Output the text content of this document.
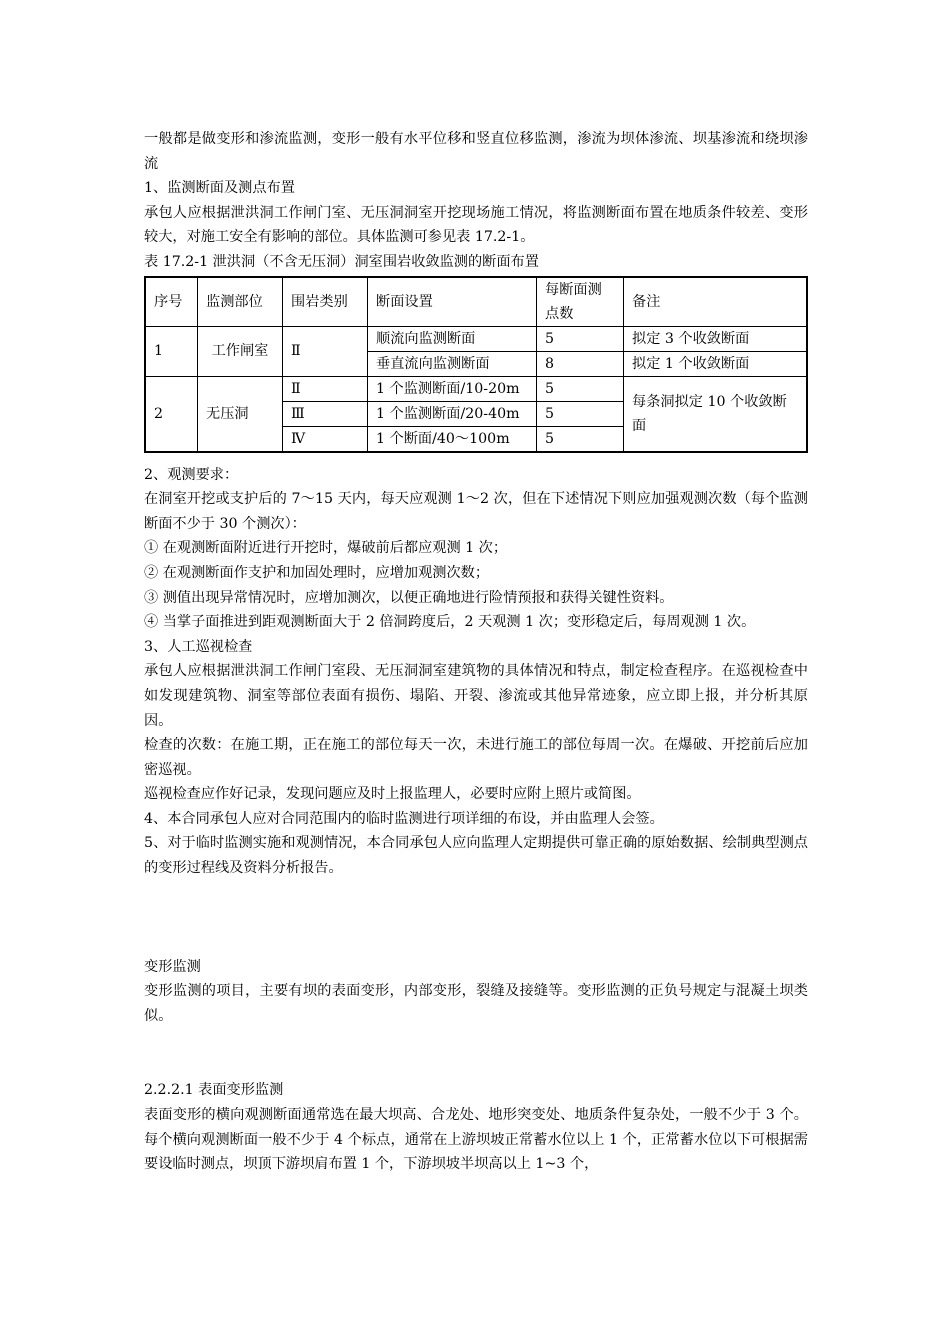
一般都是做变形和渗流监测，变形一般有水平位移和竖直位移监测，渗流为坝体渗流、坝基渗流和绕坝渗流

1、监测断面及测点布置

承包人应根据泄洪洞工作闸门室、无压洞洞室开挖现场施工情况，将监测断面布置在地质条件较差、变形较大，对施工安全有影响的部位。具体监测可参见表 17.2-1。

表 17.2-1 泄洪洞（不含无压洞）洞室围岩收敛监测的断面布置

序号	监测部位	围岩类别	断面设置	每断面测点数	备注
1	工作闸室	Ⅱ	顺流向监测断面	5	拟定 3 个收敛断面
			垂直流向监测断面	8	拟定 1 个收敛断面
2	无压洞	Ⅱ	1 个监测断面/10-20m	5	每条洞拟定 10 个收敛断面
		Ⅲ	1 个监测断面/20-40m	5	
		Ⅳ	1 个断面/40～100m	5	

2、观测要求：

在洞室开挖或支护后的 7～15 天内，每天应观测 1～2 次，但在下述情况下则应加强观测次数（每个监测断面不少于 30 个测次）：

① 在观测断面附近进行开挖时，爆破前后都应观测 1 次；

② 在观测断面作支护和加固处理时，应增加观测次数；

③ 测值出现异常情况时，应增加测次，以便正确地进行险情预报和获得关键性资料。

④ 当掌子面推进到距观测断面大于 2 倍洞跨度后，2 天观测 1 次；变形稳定后，每周观测 1 次。

3、人工巡视检查

承包人应根据泄洪洞工作闸门室段、无压洞洞室建筑物的具体情况和特点，制定检查程序。在巡视检查中如发现建筑物、洞室等部位表面有损伤、塌陷、开裂、渗流或其他异常迹象，应立即上报，并分析其原因。

检查的次数：在施工期，正在施工的部位每天一次，未进行施工的部位每周一次。在爆破、开挖前后应加密巡视。

巡视检查应作好记录，发现问题应及时上报监理人，必要时应附上照片或简图。

4、本合同承包人应对合同范围内的临时监测进行项详细的布设，并由监理人会签。

5、对于临时监测实施和观测情况，本合同承包人应向监理人定期提供可靠正确的原始数据、绘制典型测点的变形过程线及资料分析报告。

变形监测

变形监测的项目，主要有坝的表面变形，内部变形，裂缝及接缝等。变形监测的正负号规定与混凝土坝类似。

2.2.2.1 表面变形监测

表面变形的横向观测断面通常选在最大坝高、合龙处、地形突变处、地质条件复杂处，一般不少于 3 个。每个横向观测断面一般不少于 4 个标点，通常在上游坝坡正常蓄水位以上 1 个，正常蓄水位以下可根据需要设临时测点，坝顶下游坝肩布置 1 个，下游坝坡半坝高以上 1~3 个，
